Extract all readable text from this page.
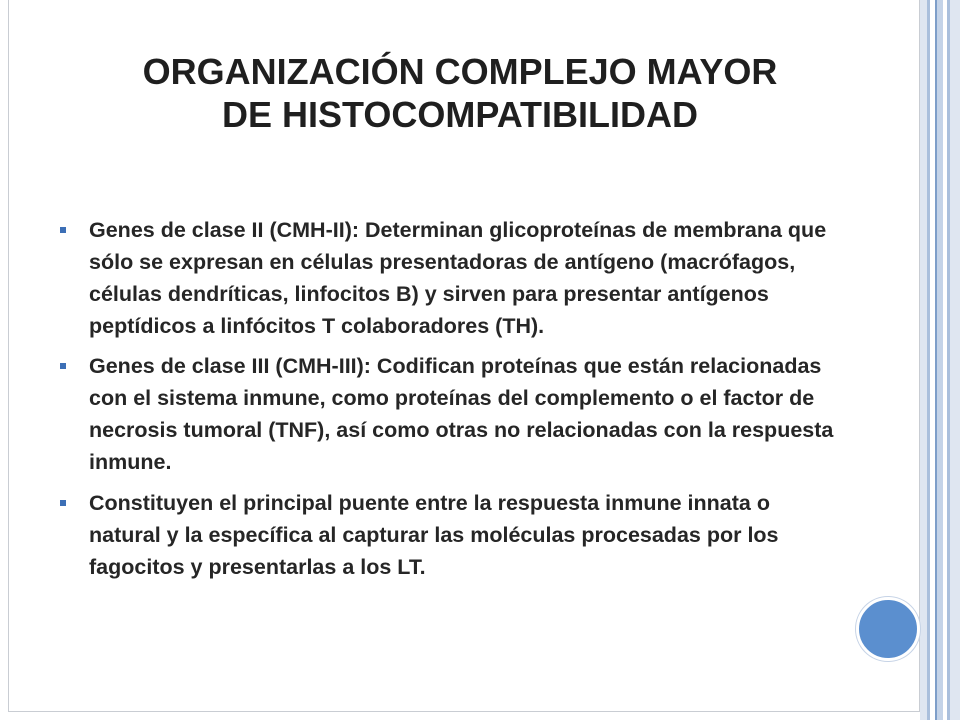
ORGANIZACIÓN COMPLEJO MAYOR
DE HISTOCOMPATIBILIDAD
Genes de clase II (CMH-II): Determinan glicoproteínas de membrana que sólo se expresan en células presentadoras de antígeno (macrófagos, células dendríticas, linfocitos B) y sirven para presentar antígenos peptídicos a linfócitos T colaboradores (TH).
Genes de clase III (CMH-III): Codifican proteínas que están relacionadas con el sistema inmune, como proteínas del complemento o el factor de necrosis tumoral (TNF), así como otras no relacionadas con la respuesta inmune.
Constituyen el principal puente entre la respuesta inmune innata o natural y la específica al capturar las moléculas procesadas por los fagocitos y presentarlas a los LT.
